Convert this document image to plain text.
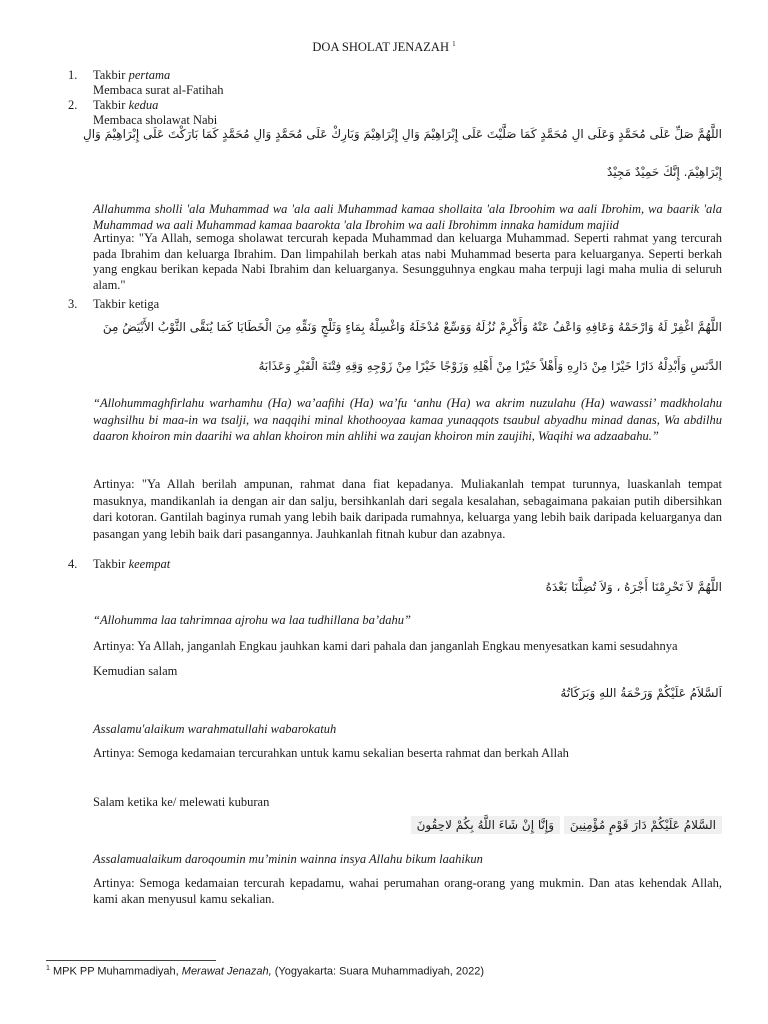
DOA SHOLAT JENAZAH $^1$
1. Takbir pertama
Membaca surat al-Fatihah
2. Takbir kedua
Membaca sholawat Nabi
اللَّهُمَّ صَلِّ عَلَى مُحَمَّدٍ وَعَلَى الِ مُحَمَّدٍ كَمَا صَلَّيْتَ عَلَى إِبْرَاهِيْمَ وَالِ إِبْرَاهِيْمَ وَبَارِكْ عَلَى مُحَمَّدٍ وَالِ مُحَمَّدٍ كَمَا بَارَكْتَ عَلَى إِبْرَاهِيْمَ وَالِ
إِبْرَاهِيْمَ. إِنَّكَ حَمِيْدٌ مَجِيْدٌ
Allahumma sholli 'ala Muhammad wa 'ala aali Muhammad kamaa shollaita 'ala Ibroohim wa aali Ibrohim, wa baarik 'ala Muhammad wa aali Muhammad kamaa baarokta 'ala Ibrohim wa aali Ibrohimm innaka hamidum majiid
Artinya: "Ya Allah, semoga sholawat tercurah kepada Muhammad dan keluarga Muhammad. Seperti rahmat yang tercurah pada Ibrahim dan keluarga Ibrahim. Dan limpahilah berkah atas nabi Muhammad beserta para keluarganya. Seperti berkah yang engkau berikan kepada Nabi Ibrahim dan keluarganya. Sesungguhnya engkau maha terpuji lagi maha mulia di seluruh alam."
3. Takbir ketiga
اللَّهُمَّ اغْفِرْ لَهُ وَارْحَمْهُ وَعَافِهِ وَاعْفُ عَنْهُ وَأَكْرِمْ نُزُلَهُ وَوَسِّعْ مُدْخَلَهُ وَاغْسِلْهُ بِمَاءٍ وَثَلْجٍ وَنَقِّهِ مِنَ الْخَطَايَا كَمَا يُنَقَّى الثَّوْبُ الأَبْيَضُ مِنَ
الدَّنَسِ وَأَبْدِلْهُ دَارًا خَيْرًا مِنْ دَارِهِ وَأَهْلاً خَيْرًا مِنْ أَهْلِهِ وَزَوْجًا خَيْرًا مِنْ زَوْجِهِ وَقِهِ فِتْنَةَ الْقَبْرِ وَعَذَابَهُ
“Allohummaghfirlahu warhamhu (Ha) wa’aafihi (Ha) wa’fu ‘anhu (Ha) wa akrim nuzulahu (Ha) wawassi’ madkholahu waghsilhu bi maa-in wa tsalji, wa naqqihi minal khothooyaa kamaa yunaqqots tsaubul abyadhu minad danas, Wa abdilhu daaron khoiron min daarihi wa ahlan khoiron min ahlihi wa zaujan khoiron min zaujihi, Waqihi wa adzaabahu.”
Artinya: "Ya Allah berilah ampunan, rahmat dana fiat kepadanya. Muliakanlah tempat turunnya, luaskanlah tempat masuknya, mandikanlah ia dengan air dan salju, bersihkanlah dari segala kesalahan, sebagaimana pakaian putih dibersihkan dari kotoran. Gantilah baginya rumah yang lebih baik daripada rumahnya, keluarga yang lebih baik daripada keluarganya dan pasangan yang lebih baik dari pasangannya. Jauhkanlah fitnah kubur dan azabnya.
4. Takbir keempat
اللَّهُمَّ لاَ تَحْرِمْنَا أَجْرَهُ ، وَلاَ تُضِلَّنَا بَعْدَهُ
“Allohumma laa tahrimnaa ajrohu wa laa tudhillana ba’dahu”
Artinya: Ya Allah, janganlah Engkau jauhkan kami dari pahala dan janganlah Engkau menyesatkan kami sesudahnya
Kemudian salam
اَلسَّلاَمُ عَلَيْكُمْ وَرَحْمَةُ اللهِ وَبَرَكَاتُهُ
Assalamu'alaikum warahmatullahi wabarokatuh
Artinya: Semoga kedamaian tercurahkan untuk kamu sekalian beserta rahmat dan berkah Allah
Salam ketika ke/ melewati kuburan
السَّلامُ عَلَيْكُمْ دَارَ قَوْمٍ مُؤْمِنِينَ وَإِنَّا إِنْ شَاءَ اللَّهُ بِكُمْ لاحِقُونَ
Assalamualaikum daroqoumin mu’minin wainna insya Allahu bikum laahikun
Artinya: Semoga kedamaian tercurah kepadamu, wahai perumahan orang-orang yang mukmin. Dan atas kehendak Allah, kami akan menyusul kamu sekalian.
$^1$ MPK PP Muhammadiyah, Merawat Jenazah, (Yogyakarta: Suara Muhammadiyah, 2022)
